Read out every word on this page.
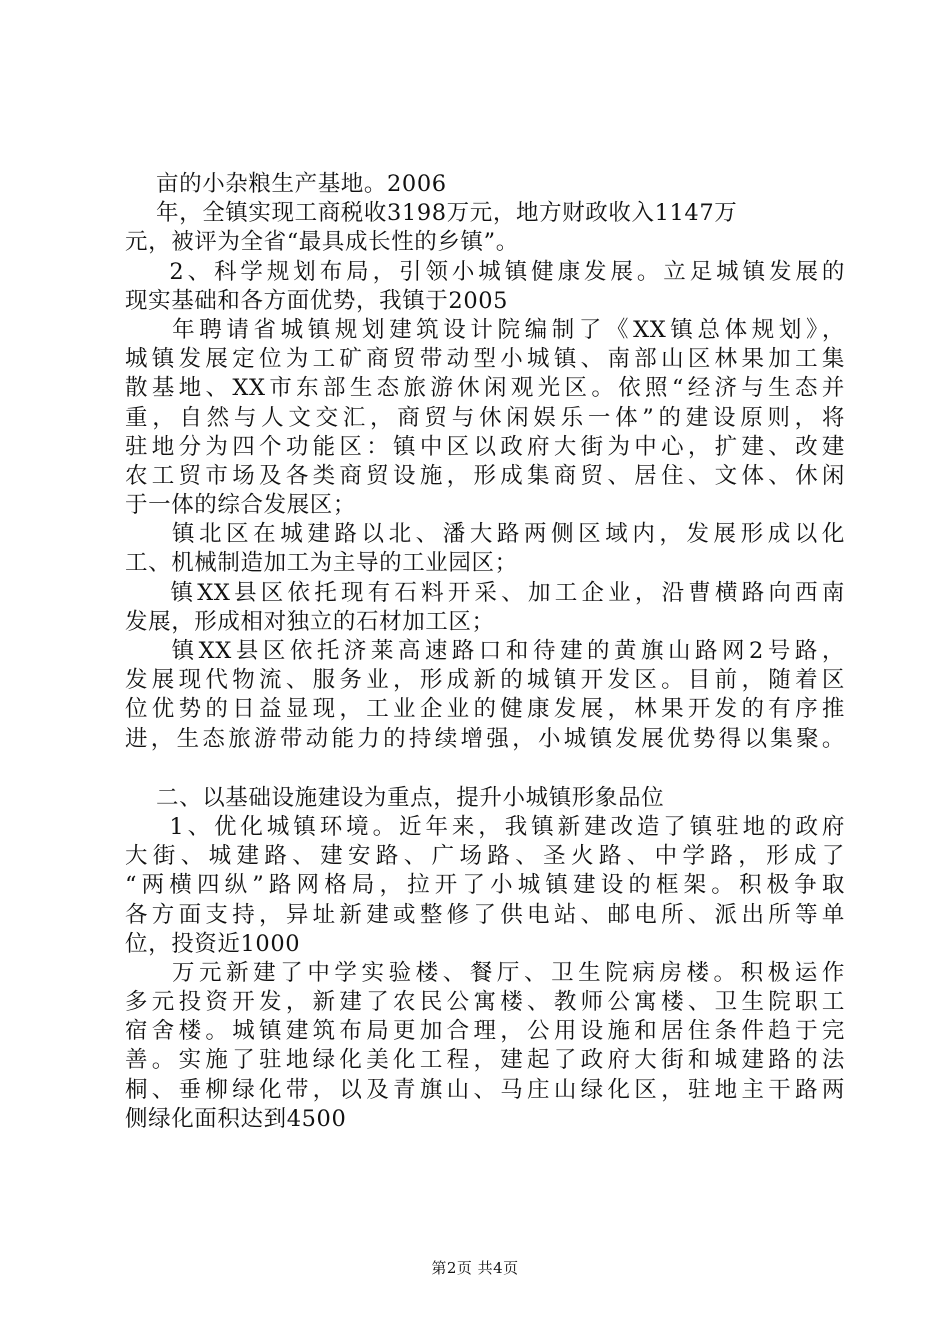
亩的小杂粮生产基地。2006
年，全镇实现工商税收3198万元，地方财政收入1147万
元，被评为全省“最具成长性的乡镇”。
2、科学规划布局，引领小城镇健康发展。立足城镇发展的
现实基础和各方面优势，我镇于2005
年聘请省城镇规划建筑设计院编制了《XX镇总体规划》，
城镇发展定位为工矿商贸带动型小城镇、南部山区林果加工集
散基地、XX市东部生态旅游休闲观光区。依照“经济与生态并
重，自然与人文交汇，商贸与休闲娱乐一体”的建设原则，将
驻地分为四个功能区：镇中区以政府大街为中心，扩建、改建
农工贸市场及各类商贸设施，形成集商贸、居住、文体、休闲
于一体的综合发展区；
镇北区在城建路以北、潘大路两侧区域内，发展形成以化
工、机械制造加工为主导的工业园区；
镇XX县区依托现有石料开采、加工企业，沿曹横路向西南
发展，形成相对独立的石材加工区；
镇XX县区依托济莱高速路口和待建的黄旗山路网2号路，
发展现代物流、服务业，形成新的城镇开发区。目前，随着区
位优势的日益显现，工业企业的健康发展，林果开发的有序推
进，生态旅游带动能力的持续增强，小城镇发展优势得以集聚。
二、以基础设施建设为重点，提升小城镇形象品位
1、优化城镇环境。近年来，我镇新建改造了镇驻地的政府
大街、城建路、建安路、广场路、圣火路、中学路，形成了
“两横四纵”路网格局，拉开了小城镇建设的框架。积极争取
各方面支持，异址新建或整修了供电站、邮电所、派出所等单
位，投资近1000
万元新建了中学实验楼、餐厅、卫生院病房楼。积极运作
多元投资开发，新建了农民公寓楼、教师公寓楼、卫生院职工
宿舍楼。城镇建筑布局更加合理，公用设施和居住条件趋于完
善。实施了驻地绿化美化工程，建起了政府大街和城建路的法
桐、垂柳绿化带，以及青旗山、马庄山绿化区，驻地主干路两
侧绿化面积达到4500
第2页 共4页
